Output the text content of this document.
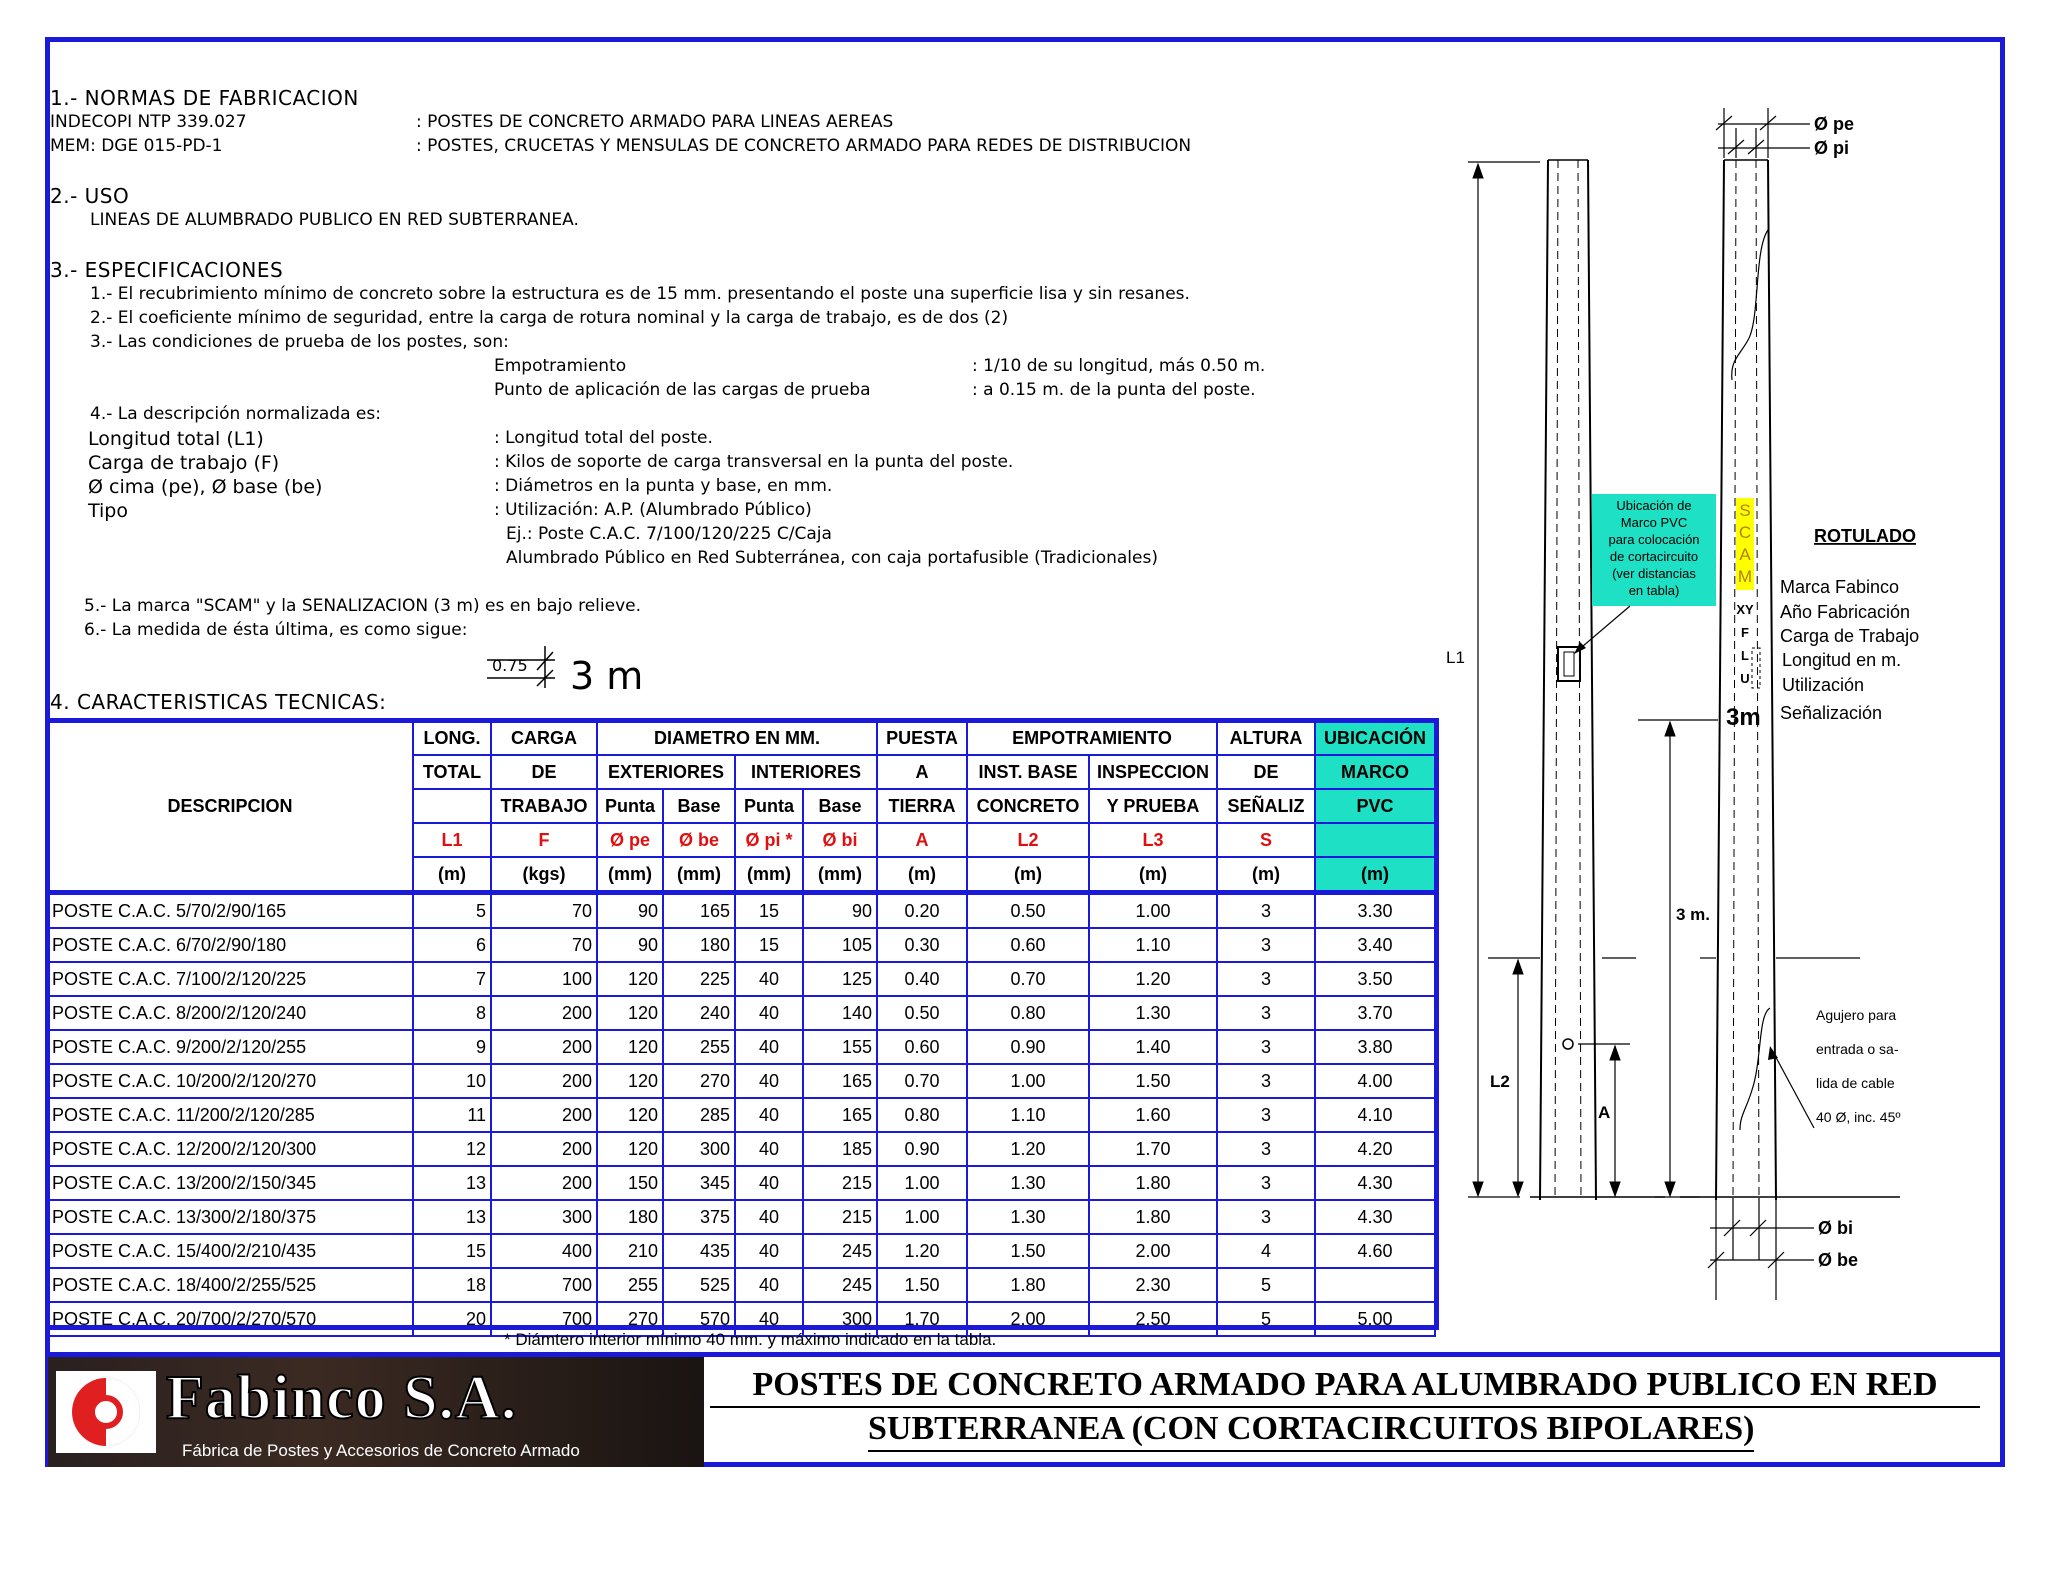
1.- NORMAS DE FABRICACION
INDECOPI NTP 339.027	: POSTES DE CONCRETO ARMADO PARA LINEAS AEREAS
MEM: DGE 015-PD-1	: POSTES, CRUCETAS Y MENSULAS DE CONCRETO ARMADO PARA REDES DE DISTRIBUCION
2.- USO
LINEAS DE ALUMBRADO PUBLICO EN RED SUBTERRANEA.
3.- ESPECIFICACIONES
1.- El recubrimiento mínimo de concreto sobre la estructura es de 15 mm. presentando el poste una superficie lisa y sin resanes.
2.- El coeficiente mínimo de seguridad, entre la carga de rotura nominal y la carga de trabajo, es de dos (2)
3.- Las condiciones de prueba de los postes, son:
Empotramiento	: 1/10 de su longitud, más 0.50 m.
Punto de aplicación de las cargas de prueba	: a 0.15 m. de la punta del poste.
4.- La descripción normalizada es:
Longitud total (L1)	: Longitud total del poste.
Carga de trabajo (F)	: Kilos de soporte de carga transversal en la punta del poste.
Ø cima (pe), Ø base (be)	: Diámetros en la punta y base, en mm.
Tipo	: Utilización: A.P. (Alumbrado Público)
Ej.: Poste C.A.C. 7/100/120/225 C/Caja
Alumbrado Público en Red Subterránea, con caja portafusible (Tradicionales)
5.- La marca "SCAM" y la SENALIZACION (3 m) es en bajo relieve.
6.- La medida de ésta última, es como sigue:
0.75 3 m
4. CARACTERISTICAS TECNICAS:
DESCRIPCION	LONG.	CARGA	DIAMETRO EN MM.				PUESTA	EMPOTRAMIENTO		ALTURA	UBICACIÓN
	TOTAL	DE	EXTERIORES		INTERIORES		A	INST. BASE	INSPECCION	DE	MARCO
		TRABAJO	Punta	Base	Punta	Base	TIERRA	CONCRETO	Y PRUEBA	SEÑALIZ	PVC
	L1	F	Ø pe	Ø be	Ø pi *	Ø bi	A	L2	L3	S	
	(m)	(kgs)	(mm)	(mm)	(mm)	(mm)	(m)	(m)	(m)	(m)	(m)
POSTE C.A.C. 5/70/2/90/165	5	70	90	165	15	90	0.20	0.50	1.00	3	3.30
POSTE C.A.C. 6/70/2/90/180	6	70	90	180	15	105	0.30	0.60	1.10	3	3.40
POSTE C.A.C. 7/100/2/120/225	7	100	120	225	40	125	0.40	0.70	1.20	3	3.50
POSTE C.A.C. 8/200/2/120/240	8	200	120	240	40	140	0.50	0.80	1.30	3	3.70
POSTE C.A.C. 9/200/2/120/255	9	200	120	255	40	155	0.60	0.90	1.40	3	3.80
POSTE C.A.C. 10/200/2/120/270	10	200	120	270	40	165	0.70	1.00	1.50	3	4.00
POSTE C.A.C. 11/200/2/120/285	11	200	120	285	40	165	0.80	1.10	1.60	3	4.10
POSTE C.A.C. 12/200/2/120/300	12	200	120	300	40	185	0.90	1.20	1.70	3	4.20
POSTE C.A.C. 13/200/2/150/345	13	200	150	345	40	215	1.00	1.30	1.80	3	4.30
POSTE C.A.C. 13/300/2/180/375	13	300	180	375	40	215	1.00	1.30	1.80	3	4.30
POSTE C.A.C. 15/400/2/210/435	15	400	210	435	40	245	1.20	1.50	2.00	4	4.60
POSTE C.A.C. 18/400/2/255/525	18	700	255	525	40	245	1.50	1.80	2.30	5	
POSTE C.A.C. 20/700/2/270/570	20	700	270	570	40	300	1.70	2.00	2.50	5	5.00
* Diámtero interior mínimo 40 mm. y máximo indicado en la tabla.
L1
L2
A
3 m.
Ø pe
Ø pi
Ø bi
Ø be
Ubicación de
Marco PVC
para colocación
de cortacircuito
(ver distancias
en tabla)
S
C
A
M
XY
F
L
U
3m
ROTULADO
Marca Fabinco
Año Fabricación
Carga de Trabajo
Longitud en m.
Utilización
Señalización
Agujero para
entrada o sa-
lida de cable
40 Ø, inc. 45º
Fabinco S.A.
Fábrica de Postes y Accesorios de Concreto Armado
POSTES DE CONCRETO ARMADO PARA ALUMBRADO PUBLICO EN RED
SUBTERRANEA (CON CORTACIRCUITOS BIPOLARES)
